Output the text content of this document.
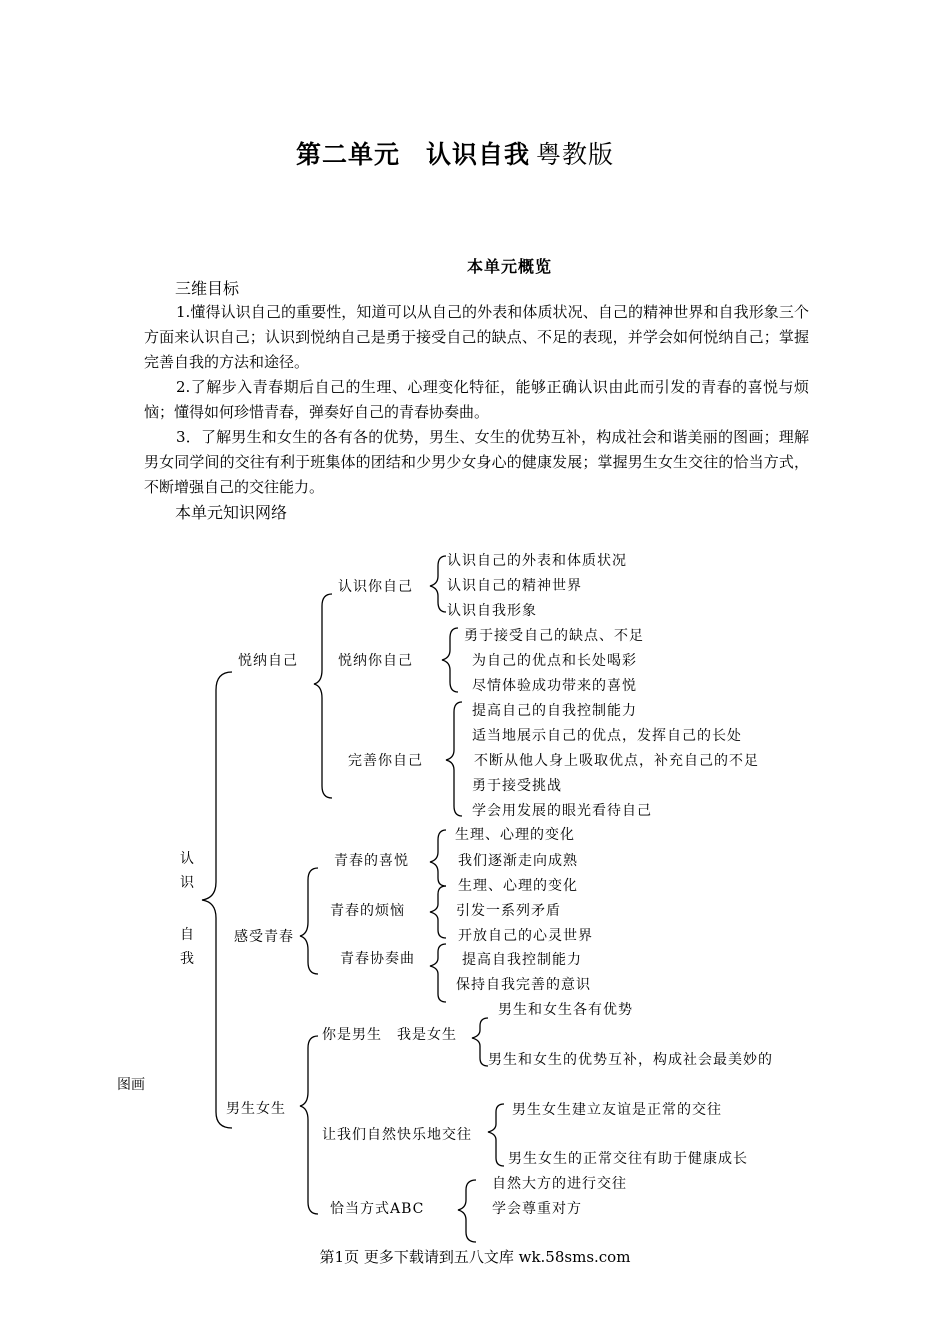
第二单元　认识自我 粤教版
本单元概览
三维目标
1.懂得认识自己的重要性，知道可以从自己的外表和体质状况、自己的精神世界和自我形象三个方面来认识自己；认识到悦纳自己是勇于接受自己的缺点、不足的表现，并学会如何悦纳自己；掌握完善自我的方法和途径。
2.了解步入青春期后自己的生理、心理变化特征，能够正确认识由此而引发的青春的喜悦与烦恼；懂得如何珍惜青春，弹奏好自己的青春协奏曲。
3．了解男生和女生的各有各的优势，男生、女生的优势互补，构成社会和谐美丽的图画；理解男女同学间的交往有利于班集体的团结和少男少女身心的健康发展；掌握男生女生交往的恰当方式，不断增强自己的交往能力。
本单元知识网络
认
识
自
我
悦纳自己
感受青春
男生女生
认识你自己
悦纳你自己
完善你自己
青春的喜悦
青春的烦恼
青春协奏曲
你是男生　我是女生
让我们自然快乐地交往
恰当方式ABC
认识自己的外表和体质状况
认识自己的精神世界
认识自我形象
勇于接受自己的缺点、不足
为自己的优点和长处喝彩
尽情体验成功带来的喜悦
提高自己的自我控制能力
适当地展示自己的优点，发挥自己的长处
不断从他人身上吸取优点，补充自己的不足
勇于接受挑战
学会用发展的眼光看待自己
生理、心理的变化
我们逐渐走向成熟
生理、心理的变化
引发一系列矛盾
开放自己的心灵世界
提高自我控制能力
保持自我完善的意识
男生和女生各有优势
男生和女生的优势互补，构成社会最美妙的
男生女生建立友谊是正常的交往
男生女生的正常交往有助于健康成长
自然大方的进行交往
学会尊重对方
图画
第1页 更多下载请到五八文库 wk.58sms.com
